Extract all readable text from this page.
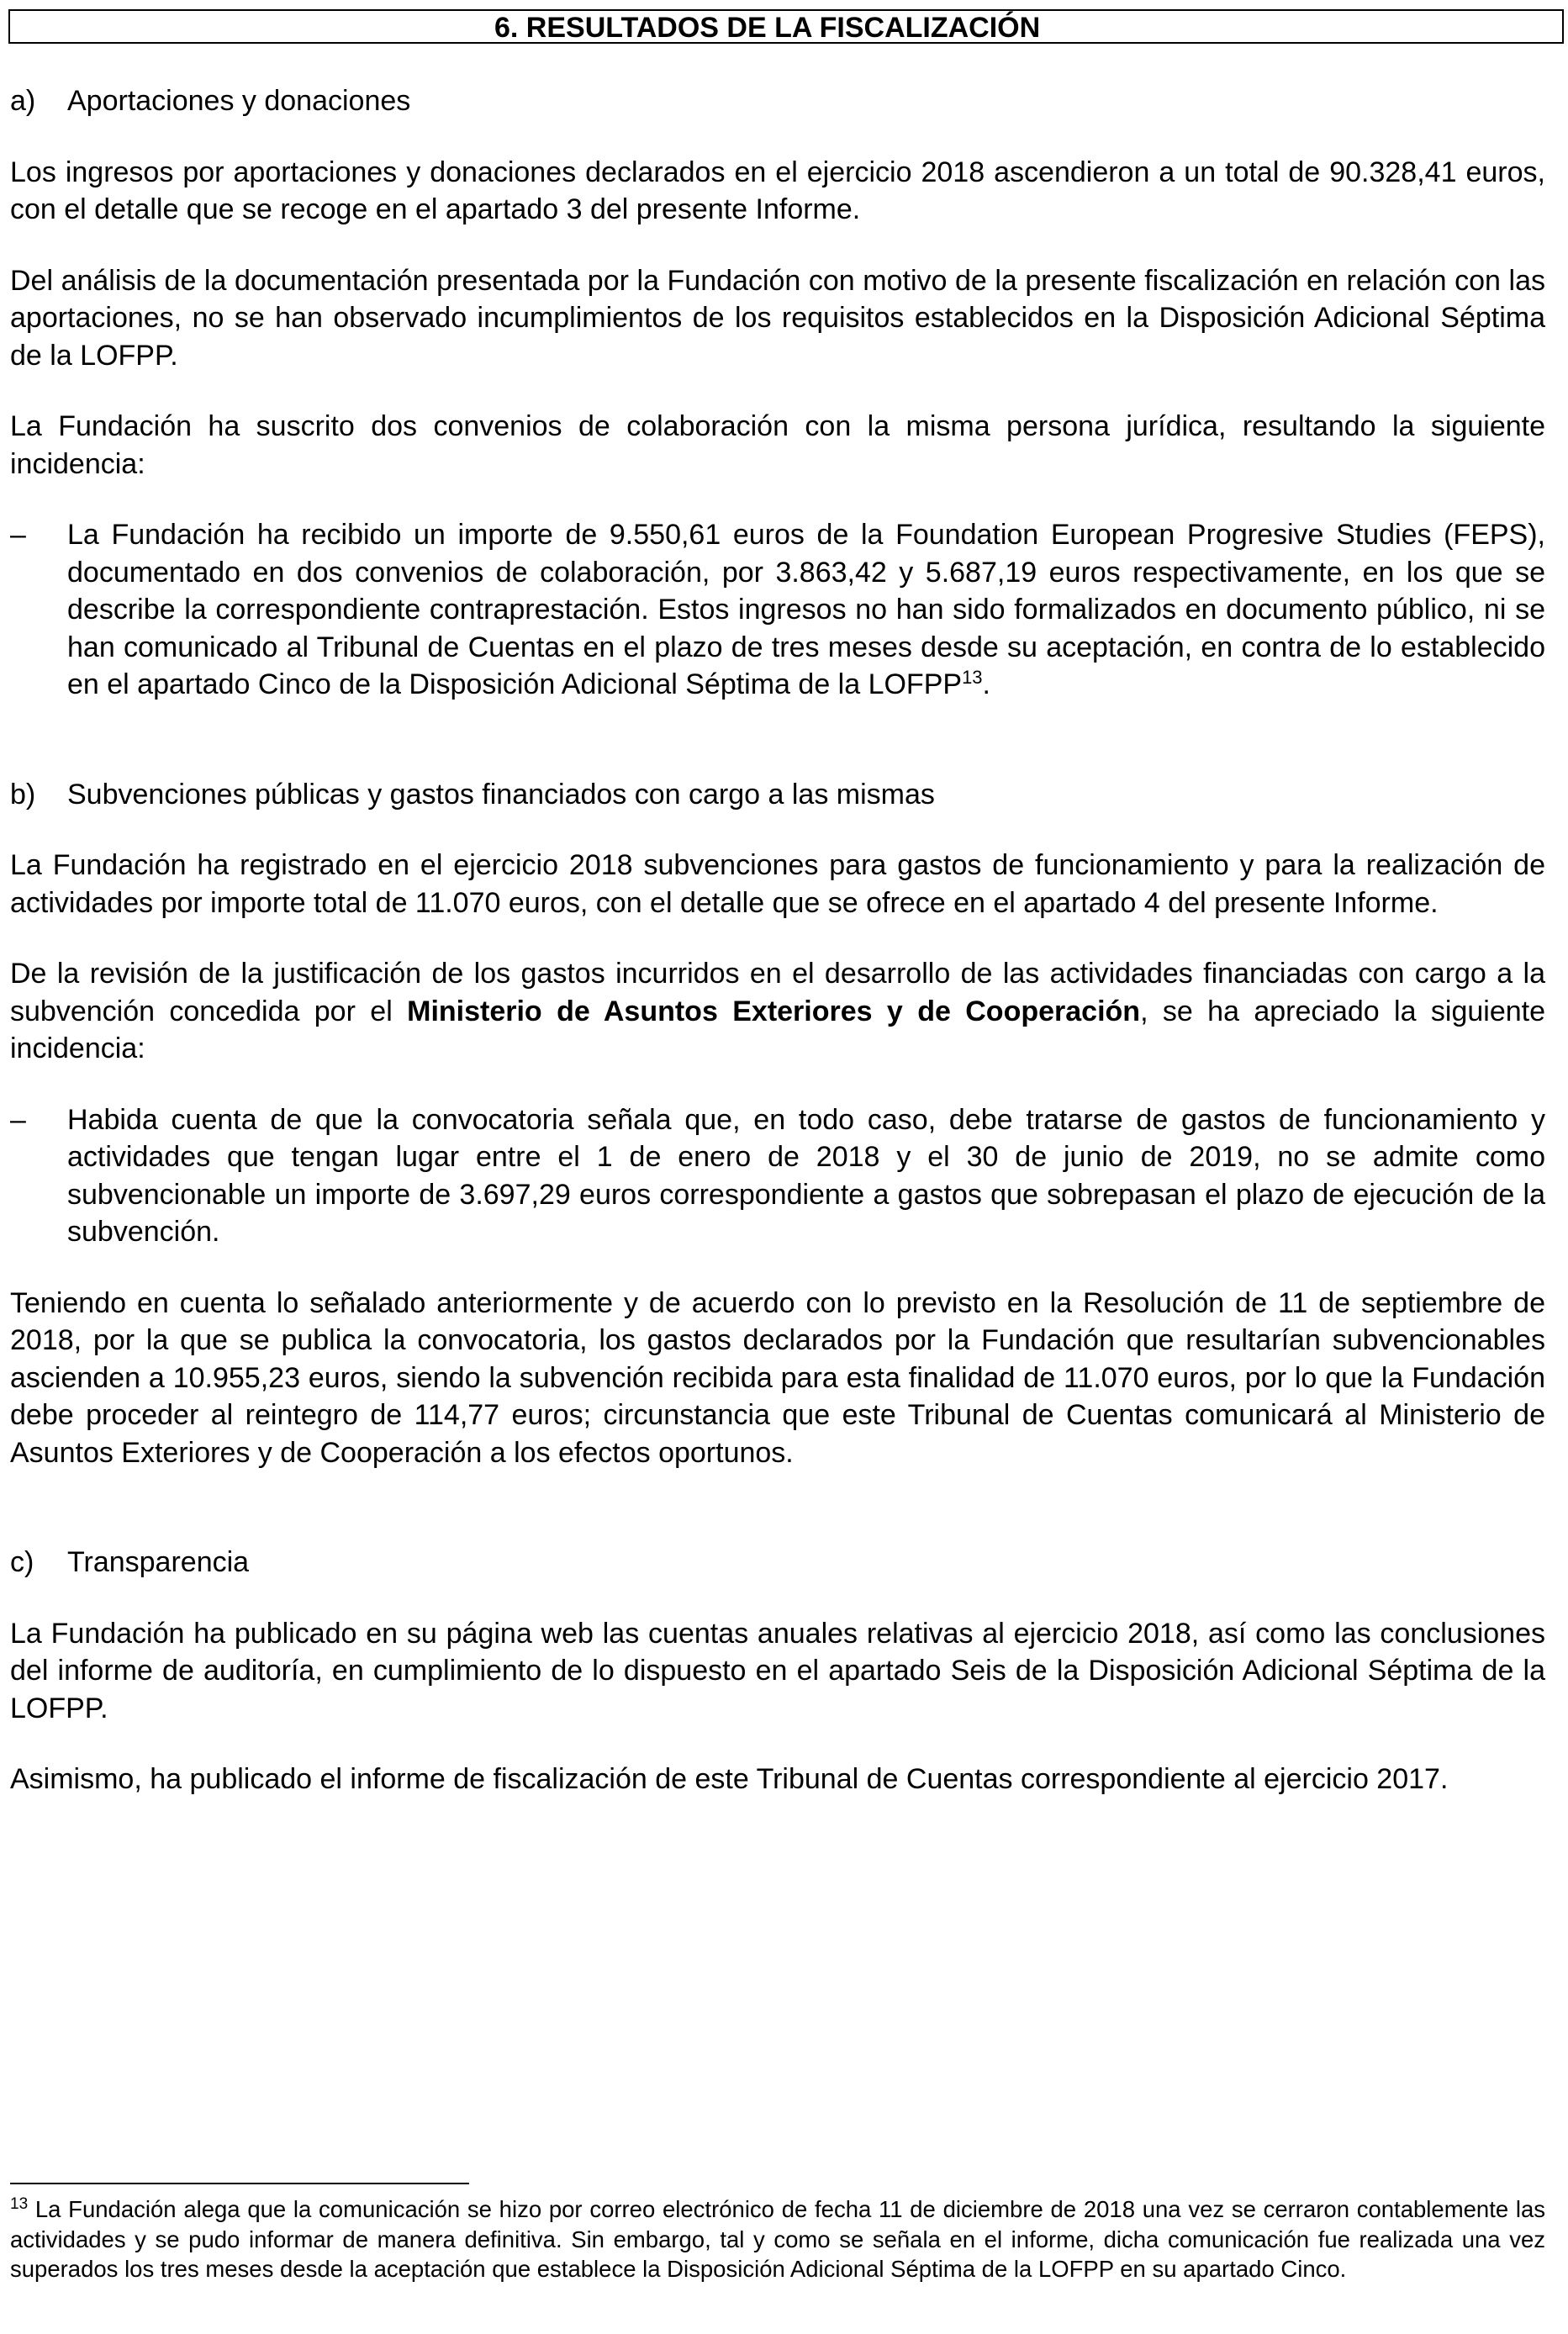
6. RESULTADOS DE LA FISCALIZACIÓN
a)	Aportaciones y donaciones

Los ingresos por aportaciones y donaciones declarados en el ejercicio 2018 ascendieron a un total de 90.328,41 euros, con el detalle que se recoge en el apartado 3 del presente Informe.

Del análisis de la documentación presentada por la Fundación con motivo de la presente fiscalización en relación con las aportaciones, no se han observado incumplimientos de los requisitos establecidos en la Disposición Adicional Séptima de la LOFPP.

La Fundación ha suscrito dos convenios de colaboración con la misma persona jurídica, resultando la siguiente incidencia:

–	La Fundación ha recibido un importe de 9.550,61 euros de la Foundation European Progresive Studies (FEPS), documentado en dos convenios de colaboración, por 3.863,42 y 5.687,19 euros respectivamente, en los que se describe la correspondiente contraprestación. Estos ingresos no han sido formalizados en documento público, ni se han comunicado al Tribunal de Cuentas en el plazo de tres meses desde su aceptación, en contra de lo establecido en el apartado Cinco de la Disposición Adicional Séptima de la LOFPP$^{13}$.
b)	Subvenciones públicas y gastos financiados con cargo a las mismas

La Fundación ha registrado en el ejercicio 2018 subvenciones para gastos de funcionamiento y para la realización de actividades por importe total de 11.070 euros, con el detalle que se ofrece en el apartado 4 del presente Informe.

De la revisión de la justificación de los gastos incurridos en el desarrollo de las actividades financiadas con cargo a la subvención concedida por el Ministerio de Asuntos Exteriores y de Cooperación, se ha apreciado la siguiente incidencia:

–	Habida cuenta de que la convocatoria señala que, en todo caso, debe tratarse de gastos de funcionamiento y actividades que tengan lugar entre el 1 de enero de 2018 y el 30 de junio de 2019, no se admite como subvencionable un importe de 3.697,29 euros correspondiente a gastos que sobrepasan el plazo de ejecución de la subvención.

Teniendo en cuenta lo señalado anteriormente y de acuerdo con lo previsto en la Resolución de 11 de septiembre de 2018, por la que se publica la convocatoria, los gastos declarados por la Fundación que resultarían subvencionables ascienden a 10.955,23 euros, siendo la subvención recibida para esta finalidad de 11.070 euros, por lo que la Fundación debe proceder al reintegro de 114,77 euros; circunstancia que este Tribunal de Cuentas comunicará al Ministerio de Asuntos Exteriores y de Cooperación a los efectos oportunos.

c)	Transparencia

La Fundación ha publicado en su página web las cuentas anuales relativas al ejercicio 2018, así como las conclusiones del informe de auditoría, en cumplimiento de lo dispuesto en el apartado Seis de la Disposición Adicional Séptima de la LOFPP.

Asimismo, ha publicado el informe de fiscalización de este Tribunal de Cuentas correspondiente al ejercicio 2017.

$^{13}$ La Fundación alega que la comunicación se hizo por correo electrónico de fecha 11 de diciembre de 2018 una vez se cerraron contablemente las actividades y se pudo informar de manera definitiva. Sin embargo, tal y como se señala en el informe, dicha comunicación fue realizada una vez superados los tres meses desde la aceptación que establece la Disposición Adicional Séptima de la LOFPP en su apartado Cinco.
